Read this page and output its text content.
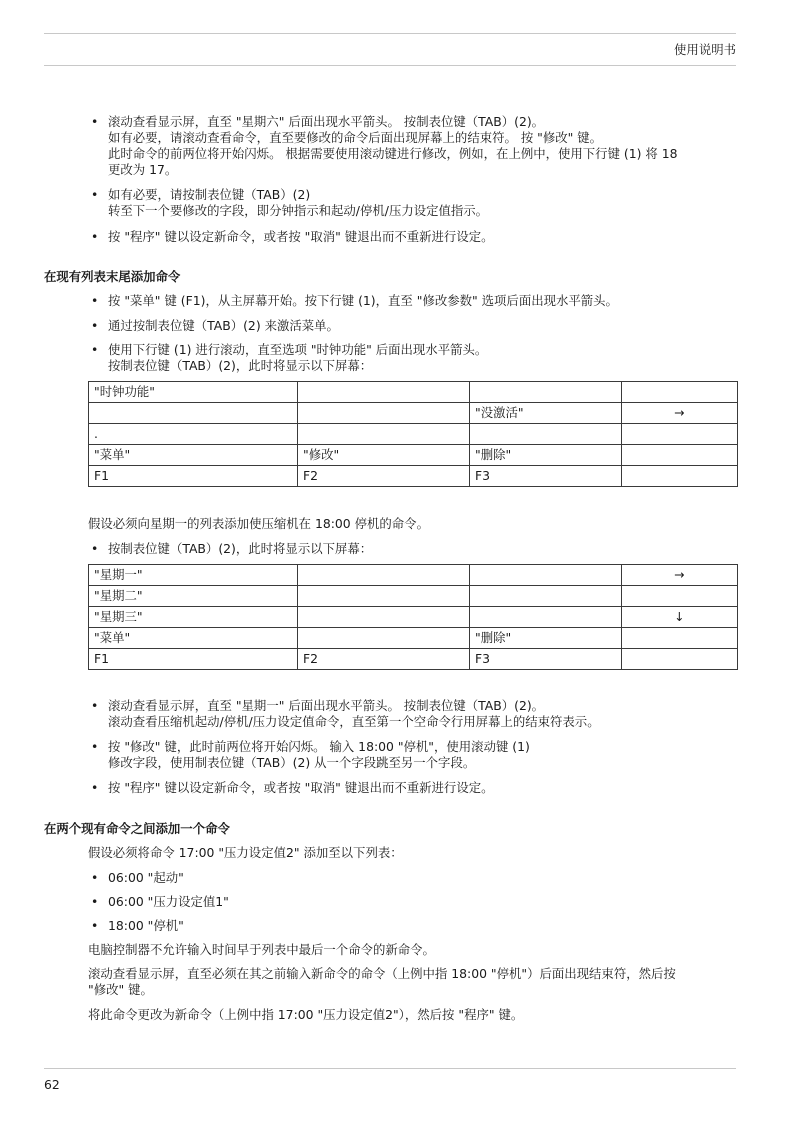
使用说明书
• 滚动查看显示屏，直至 "星期六" 后面出现水平箭头。 按制表位键（TAB）(2)。
如有必要，请滚动查看命令，直至要修改的命令后面出现屏幕上的结束符。 按 "修改" 键。
此时命令的前两位将开始闪烁。 根据需要使用滚动键进行修改，例如，在上例中，使用下行键 (1) 将 18
更改为 17。
• 如有必要，请按制表位键（TAB）(2)
转至下一个要修改的字段，即分钟指示和起动/停机/压力设定值指示。
• 按 "程序" 键以设定新命令，或者按 "取消" 键退出而不重新进行设定。
在现有列表末尾添加命令
• 按 "菜单" 键 (F1)，从主屏幕开始。按下行键 (1)，直至 "修改参数" 选项后面出现水平箭头。
• 通过按制表位键（TAB）(2) 来激活菜单。
• 使用下行键 (1) 进行滚动，直至选项 "时钟功能" 后面出现水平箭头。
按制表位键（TAB）(2)，此时将显示以下屏幕：
"时钟功能"			
		"没激活"	→
.			
"菜单"	"修改"	"删除"	
F1	F2	F3	
假设必须向星期一的列表添加使压缩机在 18:00 停机的命令。
• 按制表位键（TAB）(2)，此时将显示以下屏幕：
"星期一"			→
"星期二"			
"星期三"			↓
"菜单"		"删除"	
F1	F2	F3	
• 滚动查看显示屏，直至 "星期一" 后面出现水平箭头。 按制表位键（TAB）(2)。
滚动查看压缩机起动/停机/压力设定值命令，直至第一个空命令行用屏幕上的结束符表示。
• 按 "修改" 键，此时前两位将开始闪烁。 输入 18:00 "停机"，使用滚动键 (1)
修改字段，使用制表位键（TAB）(2) 从一个字段跳至另一个字段。
• 按 "程序" 键以设定新命令，或者按 "取消" 键退出而不重新进行设定。
在两个现有命令之间添加一个命令
假设必须将命令 17:00 "压力设定值2" 添加至以下列表：
• 06:00 "起动"
• 06:00 "压力设定值1"
• 18:00 "停机"
电脑控制器不允许输入时间早于列表中最后一个命令的新命令。
滚动查看显示屏，直至必须在其之前输入新命令的命令（上例中指 18:00 "停机"）后面出现结束符，然后按
"修改" 键。
将此命令更改为新命令（上例中指 17:00 "压力设定值2"），然后按 "程序" 键。
62
